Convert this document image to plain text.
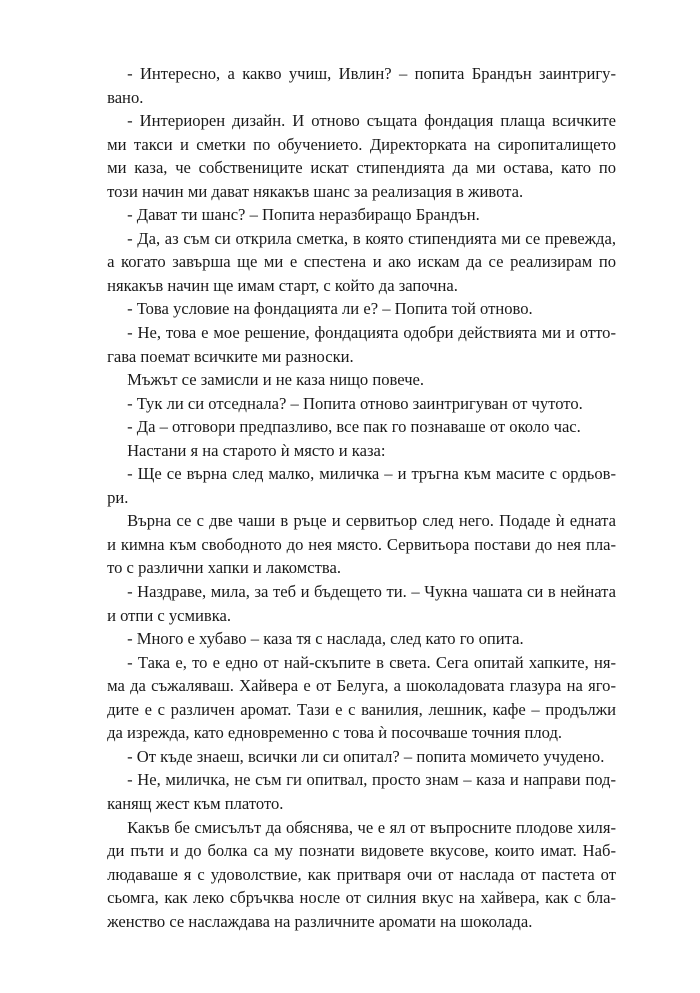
- Интересно, а какво учиш, Ивлин? – попита Брандън заинтригу-
вано.
- Интериорен дизайн. И отново същата фондация плаща всичките
ми такси и сметки по обучението. Директорката на сиропиталището
ми каза, че собствениците искат стипендията да ми остава, като по
този начин ми дават някакъв шанс за реализация в живота.
- Дават ти шанс? – Попита неразбиращо Брандън.
- Да, аз съм си открила сметка, в която стипендията ми се превежда,
а когато завърша ще ми е спестена и ако искам да се реализирам по
някакъв начин ще имам старт, с който да започна.
- Това условие на фондацията ли е? – Попита той отново.
- Не, това е мое решение, фондацията одобри действията ми и отто-
гава поемат всичките ми разноски.
Мъжът се замисли и не каза нищо повече.
- Тук ли си отседнала? – Попита отново заинтригуван от чутото.
- Да – отговори предпазливо, все пак го познаваше от около час.
Настани я на старото ѝ място и каза:
- Ще се върна след малко, миличка – и тръгна към масите с ордьов-
ри.
Върна се с две чаши в ръце и сервитьор след него. Подаде ѝ едната
и кимна към свободното до нея място. Сервитьора постави до нея пла-
то с различни хапки и лакомства.
- Наздраве, мила, за теб и бъдещето ти. – Чукна чашата си в нейната
и отпи с усмивка.
- Много е хубаво – каза тя с наслада, след като го опита.
- Така е, то е едно от най-скъпите в света. Сега опитай хапките, ня-
ма да съжаляваш. Хайвера е от Белуга, а шоколадовата глазура на яго-
дите е с различен аромат. Тази е с ванилия, лешник, кафе – продължи
да изрежда, като едновременно с това ѝ посочваше точния плод.
- От къде знаеш, всички ли си опитал? – попита момичето учудено.
- Не, миличка, не съм ги опитвал, просто знам – каза и направи под-
канящ жест към платото.
Какъв бе смисълът да обяснява, че е ял от въпросните плодове хиля-
ди пъти и до болка са му познати видовете вкусове, които имат. Наб-
людаваше я с удоволствие, как притваря очи от наслада от пастета от
сьомга, как леко сбръчква носле от силния вкус на хайвера, как с бла-
женство се наслаждава на различните аромати на шоколада.
